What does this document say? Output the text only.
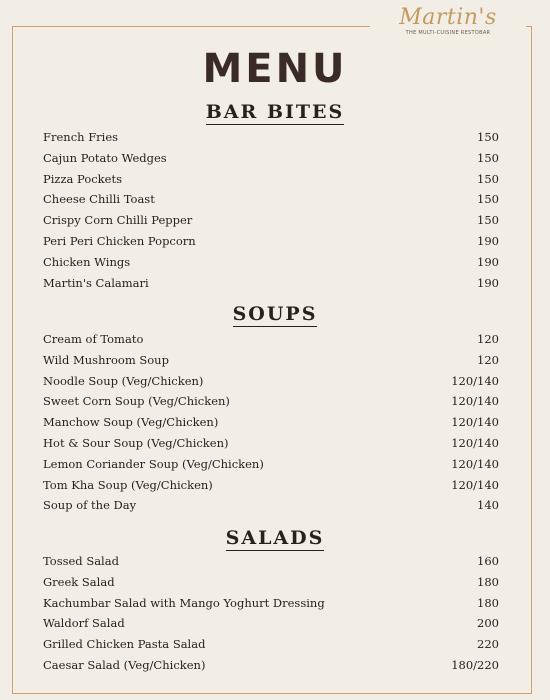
Martin's
THE MULTI-CUISINE RESTOBAR
MENU
BAR BITES
French Fries	150
Cajun Potato Wedges	150
Pizza Pockets	150
Cheese Chilli Toast	150
Crispy Corn Chilli Pepper	150
Peri Peri Chicken Popcorn	190
Chicken Wings	190
Martin's Calamari	190
SOUPS
Cream of Tomato	120
Wild Mushroom Soup	120
Noodle Soup (Veg/Chicken)	120/140
Sweet Corn Soup (Veg/Chicken)	120/140
Manchow Soup (Veg/Chicken)	120/140
Hot & Sour Soup (Veg/Chicken)	120/140
Lemon Coriander Soup (Veg/Chicken)	120/140
Tom Kha Soup (Veg/Chicken)	120/140
Soup of the Day	140
SALADS
Tossed Salad	160
Greek Salad	180
Kachumbar Salad with Mango Yoghurt Dressing	180
Waldorf Salad	200
Grilled Chicken Pasta Salad	220
Caesar Salad (Veg/Chicken)	180/220
